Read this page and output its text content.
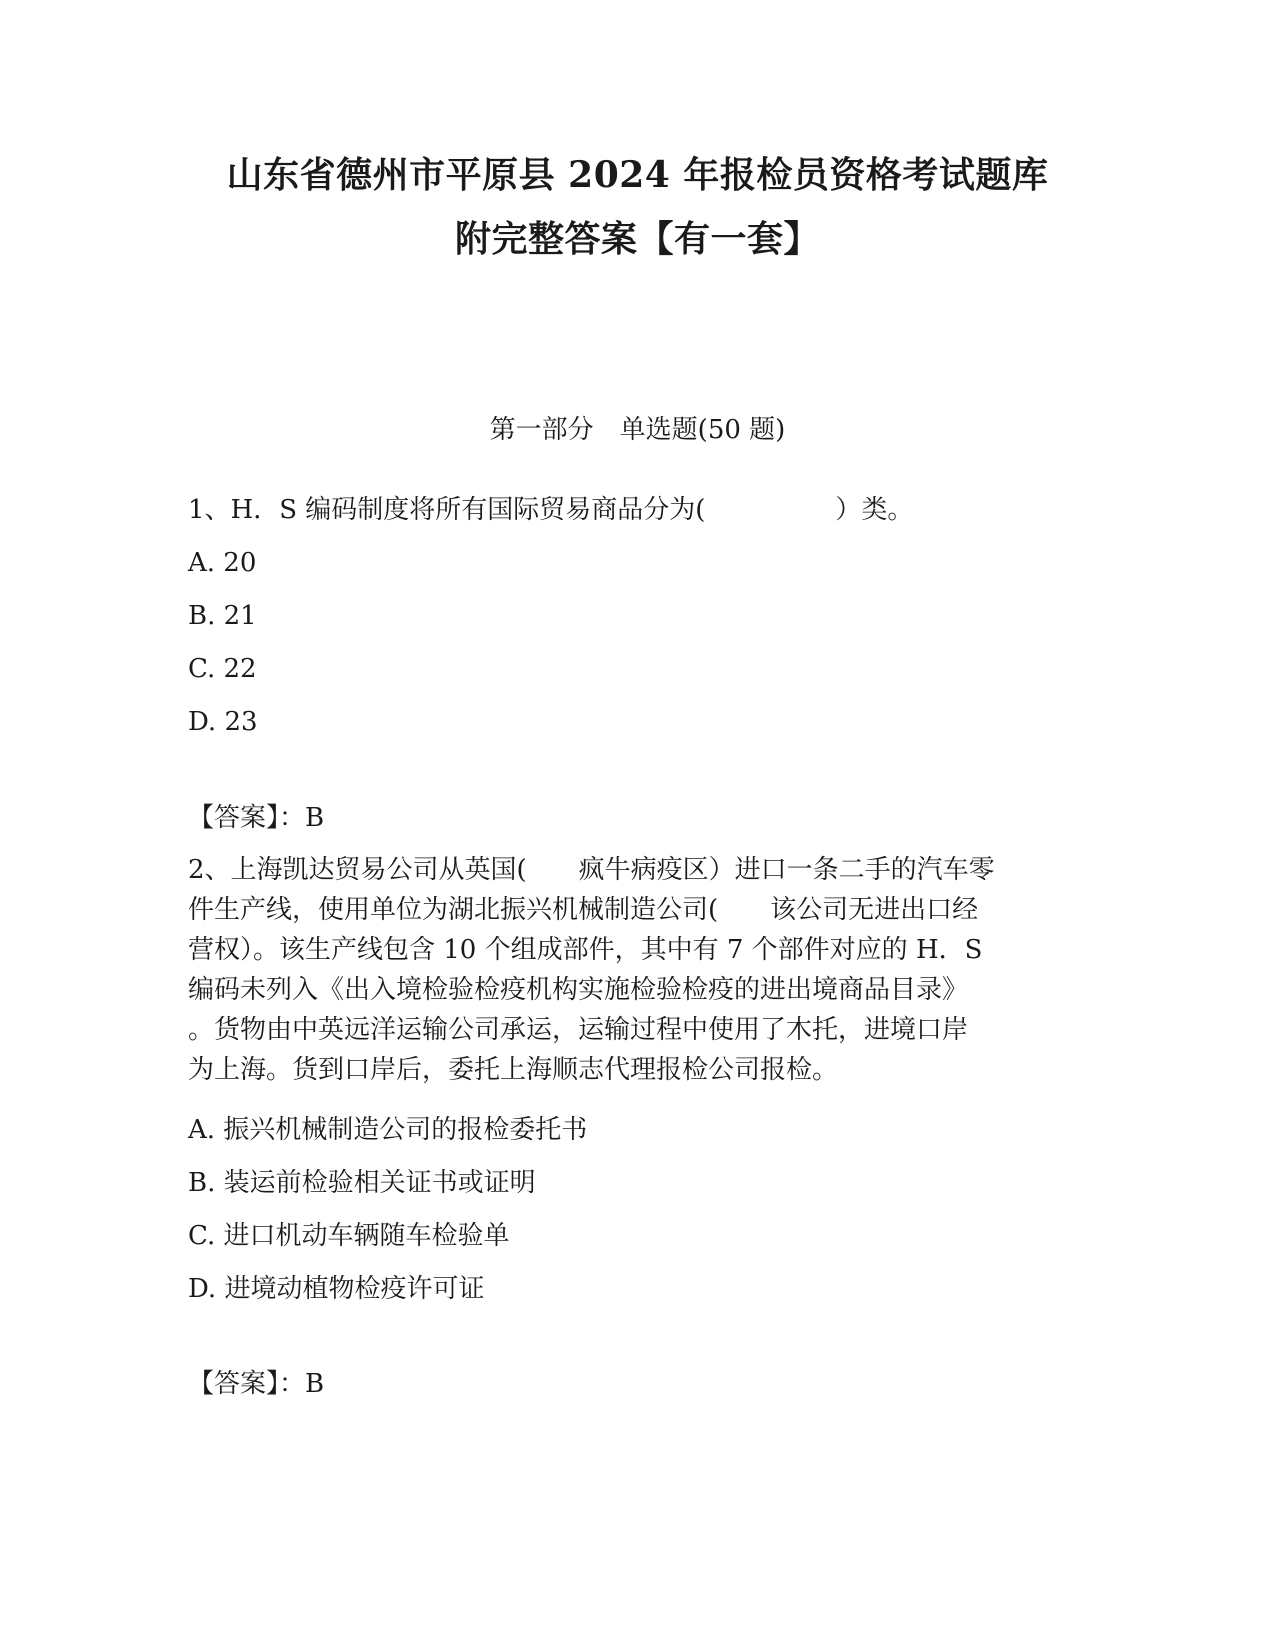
山东省德州市平原县 2024 年报检员资格考试题库
附完整答案【有一套】
第一部分　单选题(50 题)
1、H．S 编码制度将所有国际贸易商品分为(　　　　　）类。
A. 20
B. 21
C. 22
D. 23
【答案】：B
2、上海凯达贸易公司从英国(　　疯牛病疫区）进口一条二手的汽车零
件生产线，使用单位为湖北振兴机械制造公司(　　该公司无进出口经
营权）。该生产线包含 10 个组成部件，其中有 7 个部件对应的 H．S
编码未列入《出入境检验检疫机构实施检验检疫的进出境商品目录》
。货物由中英远洋运输公司承运，运输过程中使用了木托，进境口岸
为上海。货到口岸后，委托上海顺志代理报检公司报检。
A. 振兴机械制造公司的报检委托书
B. 装运前检验相关证书或证明
C. 进口机动车辆随车检验单
D. 进境动植物检疫许可证
【答案】：B
